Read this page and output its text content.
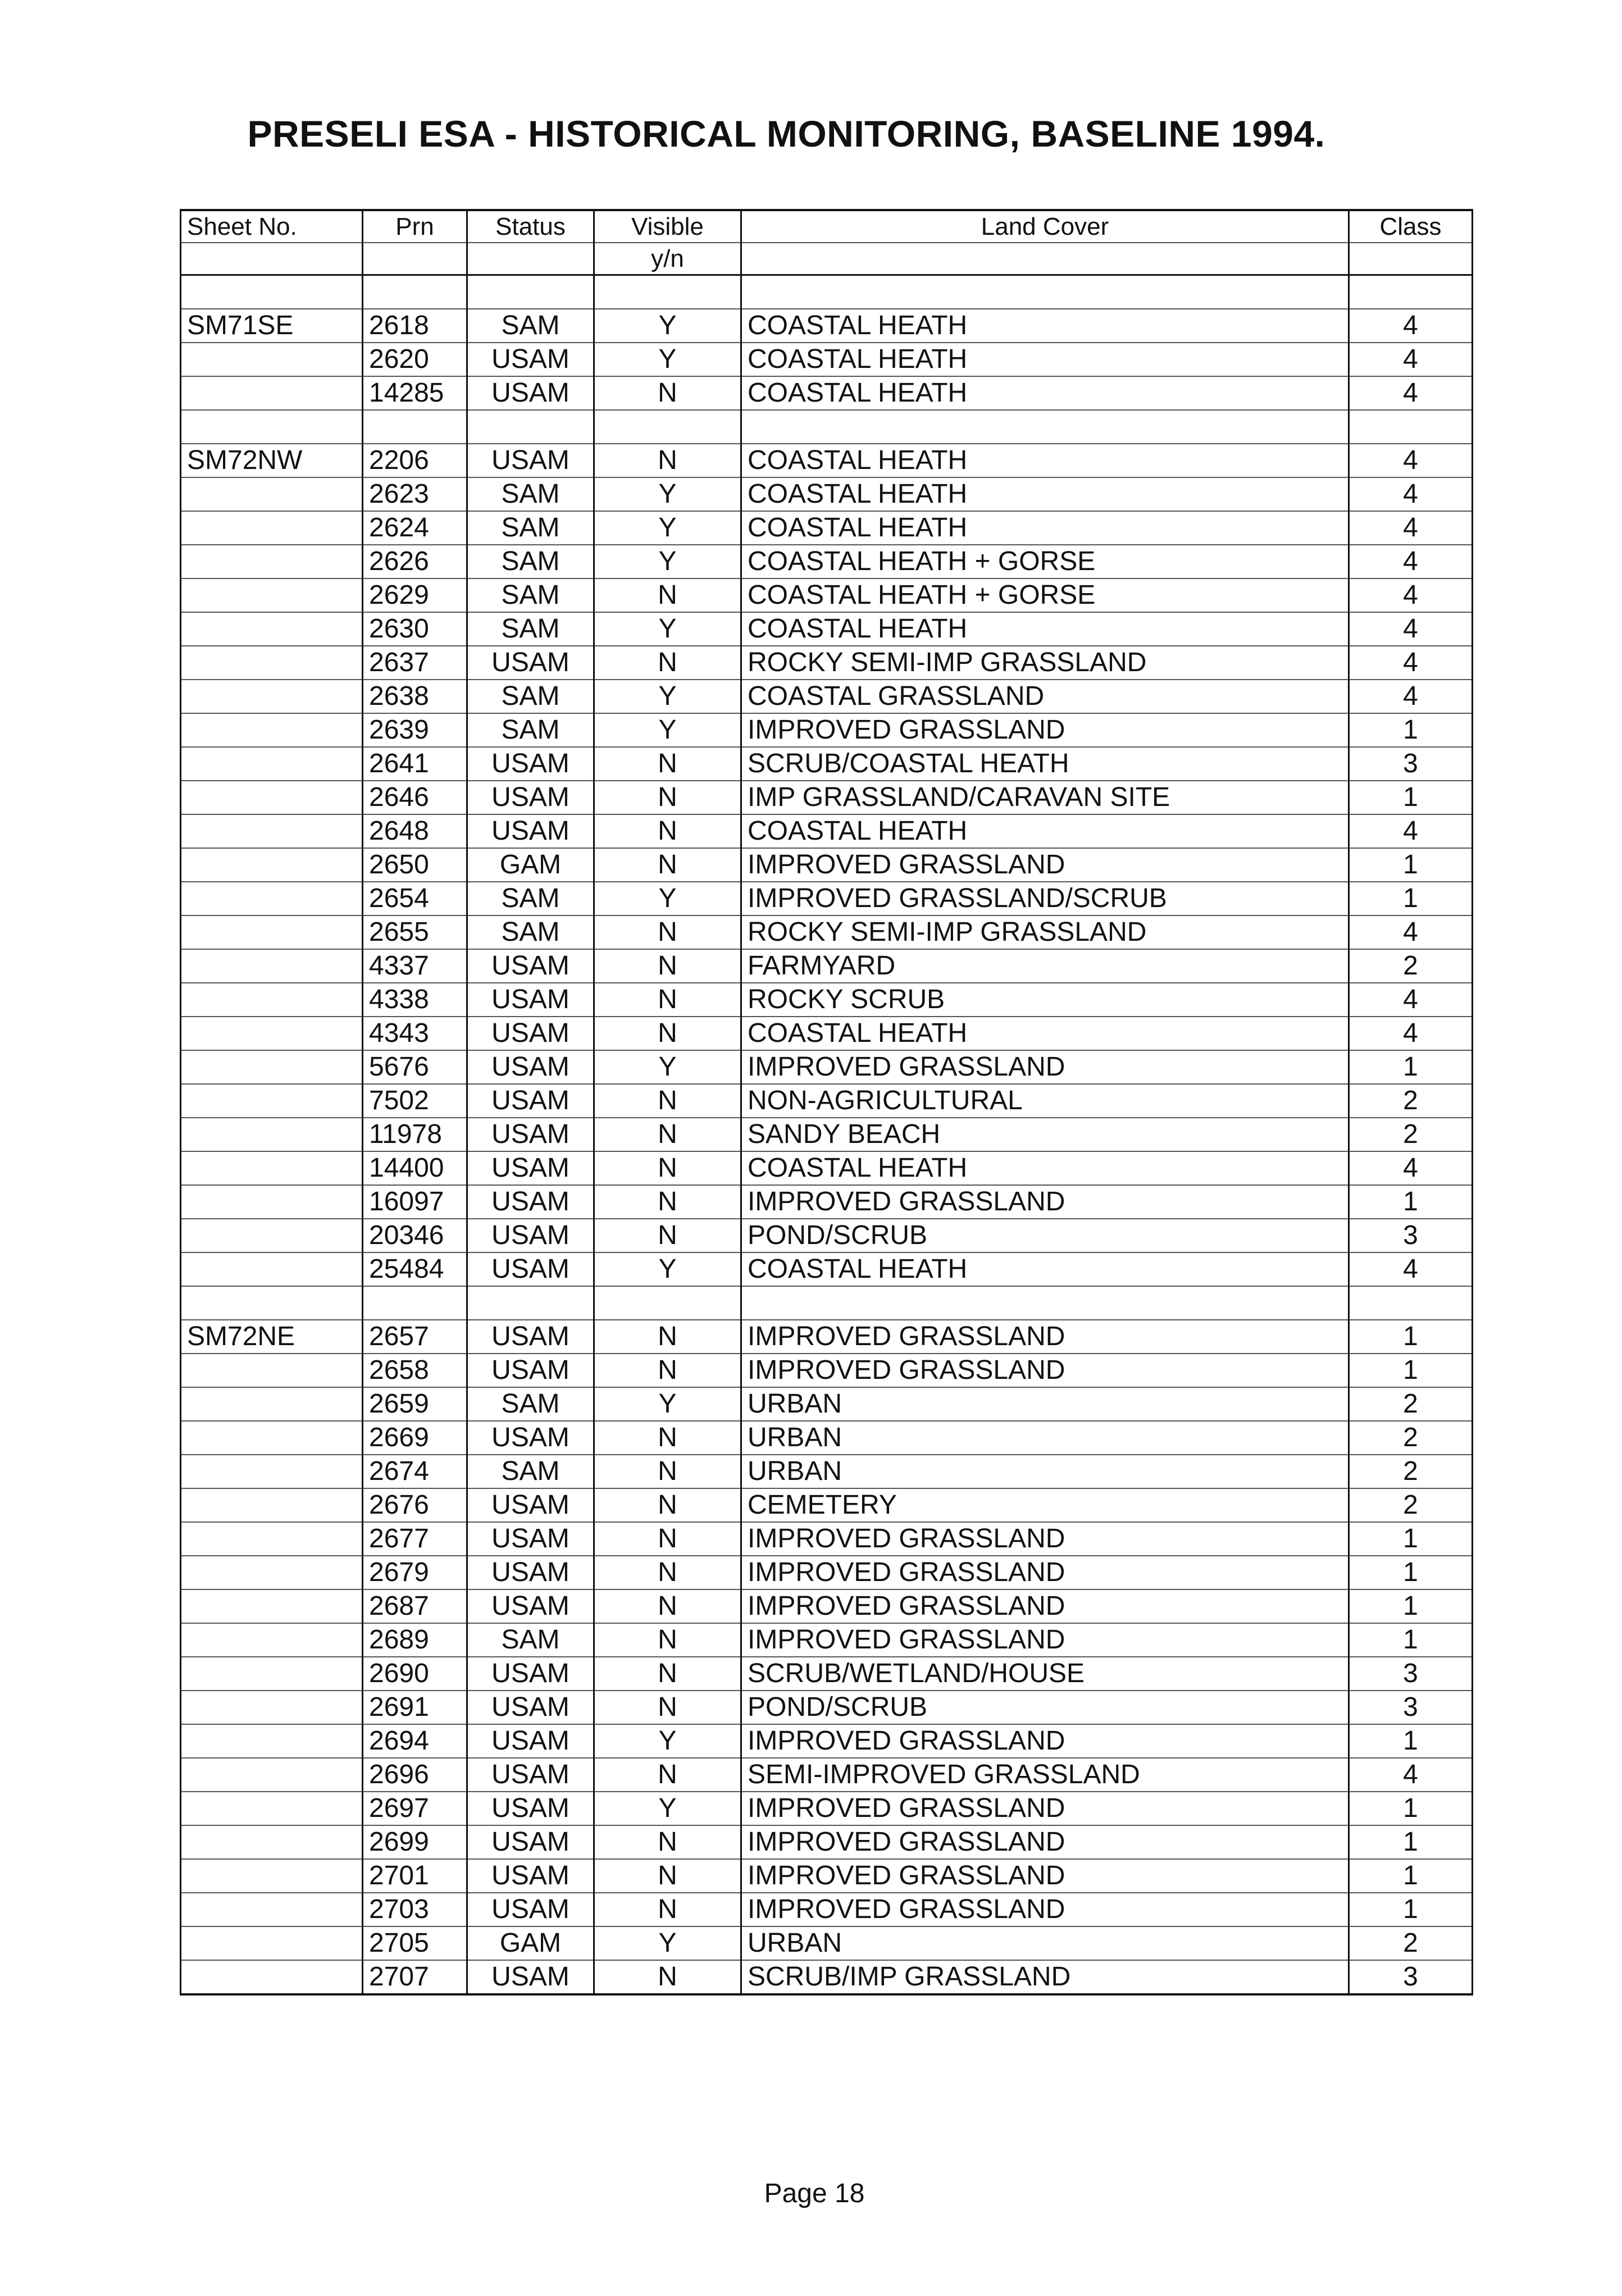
PRESELI ESA - HISTORICAL MONITORING, BASELINE 1994.
Sheet No.	Prn	Status	Visible	Land Cover	Class
			y/n		

SM71SE	2618	SAM	Y	COASTAL HEATH	4
	2620	USAM	Y	COASTAL HEATH	4
	14285	USAM	N	COASTAL HEATH	4

SM72NW	2206	USAM	N	COASTAL HEATH	4
	2623	SAM	Y	COASTAL HEATH	4
	2624	SAM	Y	COASTAL HEATH	4
	2626	SAM	Y	COASTAL HEATH + GORSE	4
	2629	SAM	N	COASTAL HEATH + GORSE	4
	2630	SAM	Y	COASTAL HEATH	4
	2637	USAM	N	ROCKY SEMI-IMP GRASSLAND	4
	2638	SAM	Y	COASTAL GRASSLAND	4
	2639	SAM	Y	IMPROVED GRASSLAND	1
	2641	USAM	N	SCRUB/COASTAL HEATH	3
	2646	USAM	N	IMP GRASSLAND/CARAVAN SITE	1
	2648	USAM	N	COASTAL HEATH	4
	2650	GAM	N	IMPROVED GRASSLAND	1
	2654	SAM	Y	IMPROVED GRASSLAND/SCRUB	1
	2655	SAM	N	ROCKY SEMI-IMP GRASSLAND	4
	4337	USAM	N	FARMYARD	2
	4338	USAM	N	ROCKY SCRUB	4
	4343	USAM	N	COASTAL HEATH	4
	5676	USAM	Y	IMPROVED GRASSLAND	1
	7502	USAM	N	NON-AGRICULTURAL	2
	11978	USAM	N	SANDY BEACH	2
	14400	USAM	N	COASTAL HEATH	4
	16097	USAM	N	IMPROVED GRASSLAND	1
	20346	USAM	N	POND/SCRUB	3
	25484	USAM	Y	COASTAL HEATH	4

SM72NE	2657	USAM	N	IMPROVED GRASSLAND	1
	2658	USAM	N	IMPROVED GRASSLAND	1
	2659	SAM	Y	URBAN	2
	2669	USAM	N	URBAN	2
	2674	SAM	N	URBAN	2
	2676	USAM	N	CEMETERY	2
	2677	USAM	N	IMPROVED GRASSLAND	1
	2679	USAM	N	IMPROVED GRASSLAND	1
	2687	USAM	N	IMPROVED GRASSLAND	1
	2689	SAM	N	IMPROVED GRASSLAND	1
	2690	USAM	N	SCRUB/WETLAND/HOUSE	3
	2691	USAM	N	POND/SCRUB	3
	2694	USAM	Y	IMPROVED GRASSLAND	1
	2696	USAM	N	SEMI-IMPROVED GRASSLAND	4
	2697	USAM	Y	IMPROVED GRASSLAND	1
	2699	USAM	N	IMPROVED GRASSLAND	1
	2701	USAM	N	IMPROVED GRASSLAND	1
	2703	USAM	N	IMPROVED GRASSLAND	1
	2705	GAM	Y	URBAN	2
	2707	USAM	N	SCRUB/IMP GRASSLAND	3
Page 18
